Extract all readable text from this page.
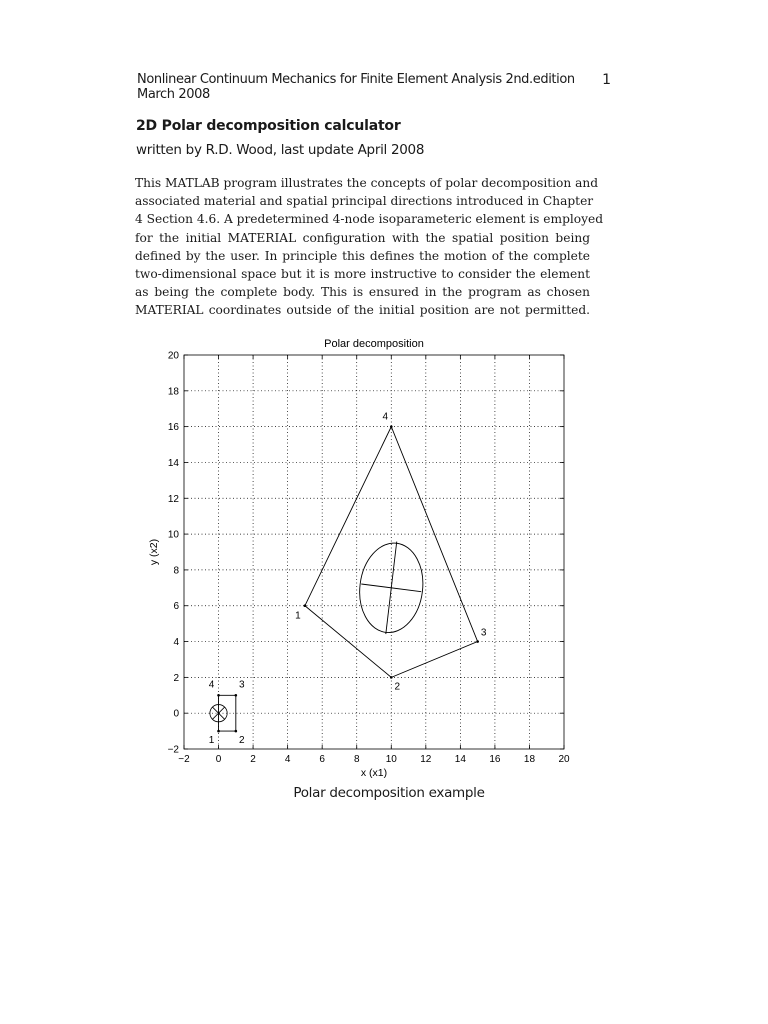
Nonlinear Continuum Mechanics for Finite Element Analysis 2nd.edition March 2008
1
2D Polar decomposition calculator
written by R.D. Wood, last update April 2008
This MATLAB program illustrates the concepts of polar decomposition and
associated material and spatial principal directions introduced in Chapter
4 Section 4.6. A predetermined 4-node isoparameteric element is employed
for the initial MATERIAL configuration with the spatial position being
defined by the user. In principle this defines the motion of the complete
two-dimensional space but it is more instructive to consider the element
as being the complete body. This is ensured in the program as chosen
MATERIAL coordinates outside of the initial position are not permitted.
−2	0	2	4	6	8	10 12 14 16 18 20
−2
0
2
4
6
8
10
12
14
16
18
20
Polar decomposition
x (x1)
y (x2)
1 2
3
4
1
2
3
4
Polar decomposition example
